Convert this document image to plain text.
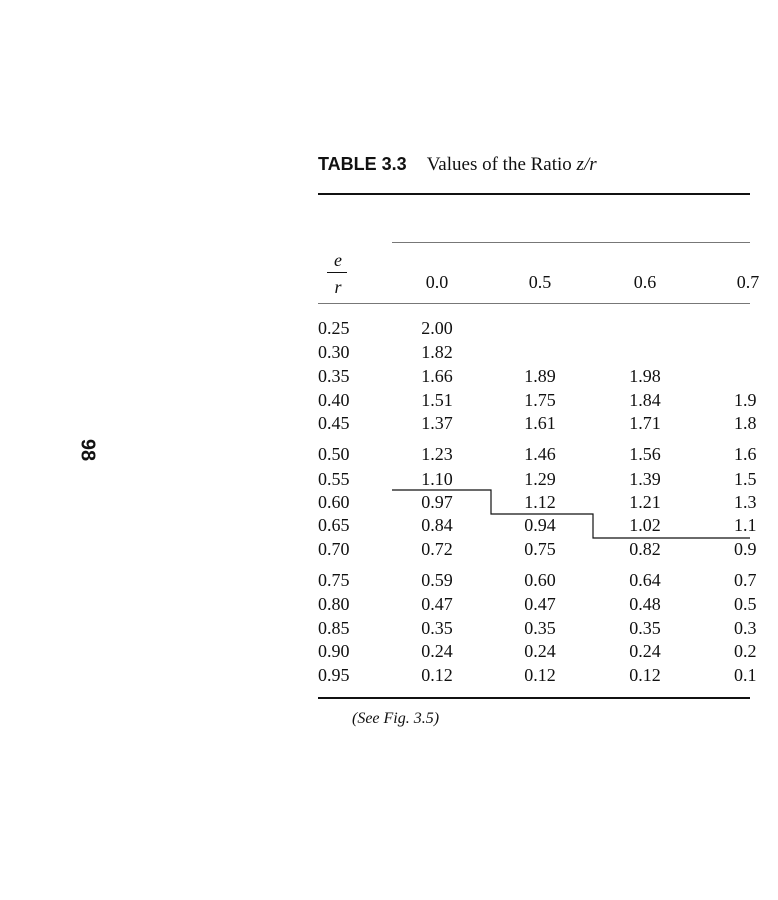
98
TABLE 3.3 Values of the Ratio z/r
e
r	0.0	0.5	0.6	0.7
0.25	2.00
0.30	1.82
0.35	1.66	1.89	1.98
0.40	1.51	1.75	1.84	1.9
0.45	1.37	1.61	1.71	1.8
0.50	1.23	1.46	1.56	1.6
0.55	1.10	1.29	1.39	1.5
0.60	0.97	1.12	1.21	1.3
0.65	0.84	0.94	1.02	1.1
0.70	0.72	0.75	0.82	0.9
0.75	0.59	0.60	0.64	0.7
0.80	0.47	0.47	0.48	0.5
0.85	0.35	0.35	0.35	0.3
0.90	0.24	0.24	0.24	0.2
0.95	0.12	0.12	0.12	0.1
(See Fig. 3.5)
